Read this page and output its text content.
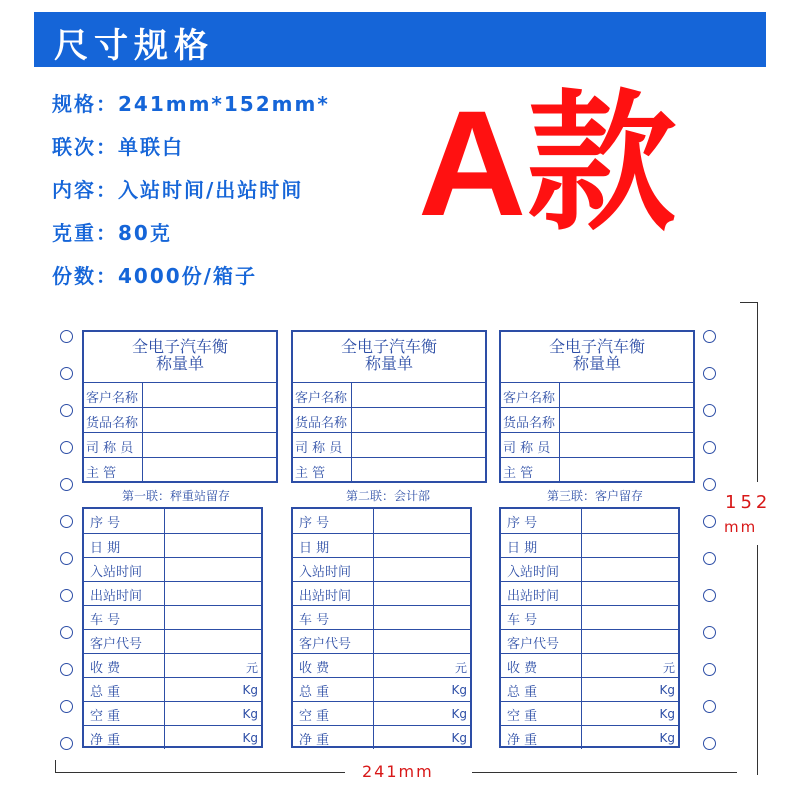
尺寸规格
规格：241mm*152mm*
联次：单联白
内容：入站时间/出站时间
克重：80克
份数：4000份/箱子
A款
全电子汽车衡
称量单
客户名称
货品名称
司 称 员
主 管
第一联：秤重站留存
序 号
日 期
入站时间
出站时间
车 号
客户代号
收 费	元
总 重	Kg
空 重	Kg
净 重	Kg
全电子汽车衡
称量单
客户名称
货品名称
司 称 员
主 管
第二联：会计部
序 号
日 期
入站时间
出站时间
车 号
客户代号
收 费	元
总 重	Kg
空 重	Kg
净 重	Kg
全电子汽车衡
称量单
客户名称
货品名称
司 称 员
主 管
第三联：客户留存
序 号
日 期
入站时间
出站时间
车 号
客户代号
收 费	元
总 重	Kg
空 重	Kg
净 重	Kg
241mm
152
mm
